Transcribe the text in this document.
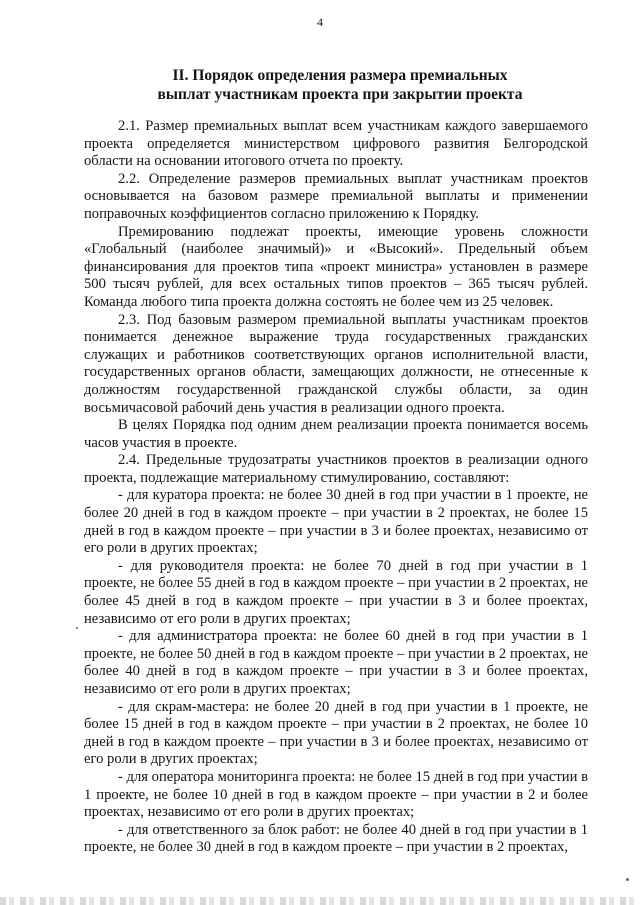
4
II. Порядок определения размера премиальных
выплат участникам проекта при закрытии проекта

2.1. Размер премиальных выплат всем участникам каждого завершаемого проекта определяется министерством цифрового развития Белгородской области на основании итогового отчета по проекту.

2.2. Определение размеров премиальных выплат участникам проектов основывается на базовом размере премиальной выплаты и применении поправочных коэффициентов согласно приложению к Порядку.

Премированию подлежат проекты, имеющие уровень сложности «Глобальный (наиболее значимый)» и «Высокий». Предельный объем финансирования для проектов типа «проект министра» установлен в размере 500 тысяч рублей, для всех остальных типов проектов – 365 тысяч рублей. Команда любого типа проекта должна состоять не более чем из 25 человек.

2.3. Под базовым размером премиальной выплаты участникам проектов понимается денежное выражение труда государственных гражданских служащих и работников соответствующих органов исполнительной власти, государственных органов области, замещающих должности, не отнесенные к должностям государственной гражданской службы области, за один восьмичасовой рабочий день участия в реализации одного проекта.

В целях Порядка под одним днем реализации проекта понимается восемь часов участия в проекте.

2.4. Предельные трудозатраты участников проектов в реализации одного проекта, подлежащие материальному стимулированию, составляют:

- для куратора проекта: не более 30 дней в год при участии в 1 проекте, не более 20 дней в год в каждом проекте – при участии в 2 проектах, не более 15 дней в год в каждом проекте – при участии в 3 и более проектах, независимо от его роли в других проектах;

- для руководителя проекта: не более 70 дней в год при участии в 1 проекте, не более 55 дней в год в каждом проекте – при участии в 2 проектах, не более 45 дней в год в каждом проекте – при участии в 3 и более проектах, независимо от его роли в других проектах;

- для администратора проекта: не более 60 дней в год при участии в 1 проекте, не более 50 дней в год в каждом проекте – при участии в 2 проектах, не более 40 дней в год в каждом проекте – при участии в 3 и более проектах, независимо от его роли в других проектах;

- для скрам-мастера: не более 20 дней в год при участии в 1 проекте, не более 15 дней в год в каждом проекте – при участии в 2 проектах, не более 10 дней в год в каждом проекте – при участии в 3 и более проектах, независимо от его роли в других проектах;

- для оператора мониторинга проекта: не более 15 дней в год при участии в 1 проекте, не более 10 дней в год в каждом проекте – при участии в 2 и более проектах, независимо от его роли в других проектах;

- для ответственного за блок работ: не более 40 дней в год при участии в 1 проекте, не более 30 дней в год в каждом проекте – при участии в 2 проектах,
